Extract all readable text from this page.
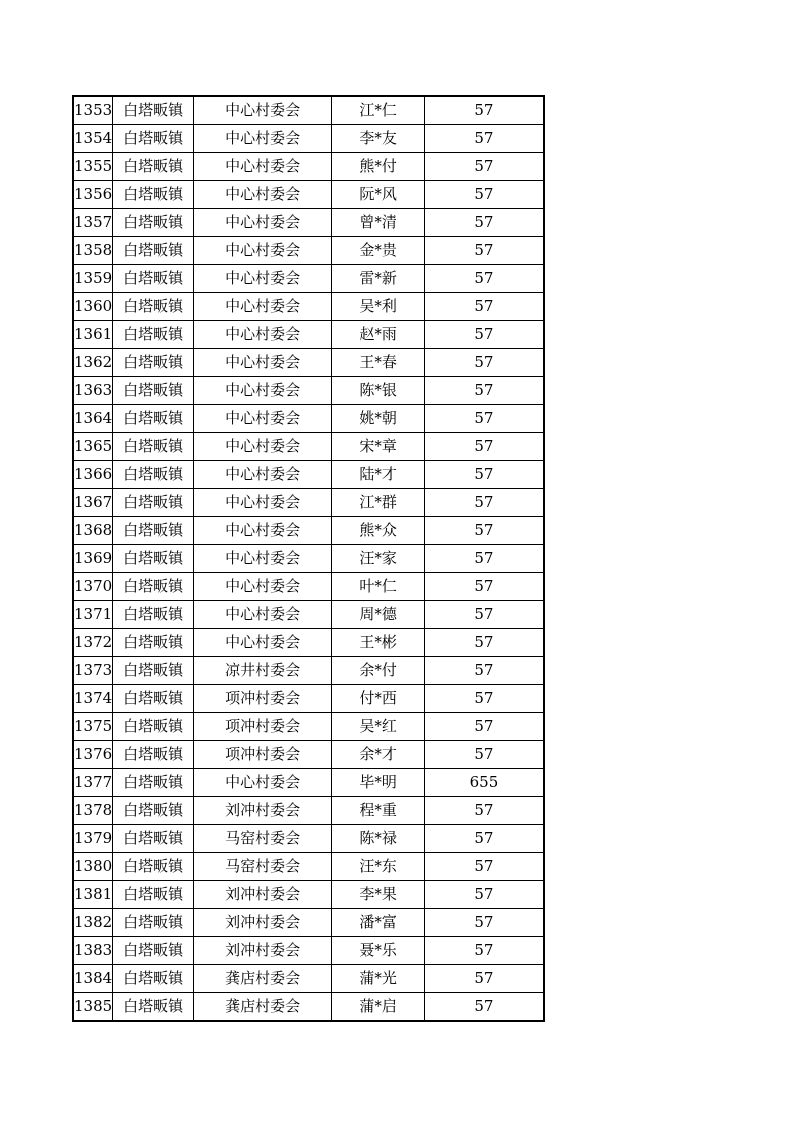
1353	白塔畈镇	中心村委会	江*仁	57
1354	白塔畈镇	中心村委会	李*友	57
1355	白塔畈镇	中心村委会	熊*付	57
1356	白塔畈镇	中心村委会	阮*风	57
1357	白塔畈镇	中心村委会	曾*清	57
1358	白塔畈镇	中心村委会	金*贵	57
1359	白塔畈镇	中心村委会	雷*新	57
1360	白塔畈镇	中心村委会	吴*利	57
1361	白塔畈镇	中心村委会	赵*雨	57
1362	白塔畈镇	中心村委会	王*春	57
1363	白塔畈镇	中心村委会	陈*银	57
1364	白塔畈镇	中心村委会	姚*朝	57
1365	白塔畈镇	中心村委会	宋*章	57
1366	白塔畈镇	中心村委会	陆*才	57
1367	白塔畈镇	中心村委会	江*群	57
1368	白塔畈镇	中心村委会	熊*众	57
1369	白塔畈镇	中心村委会	汪*家	57
1370	白塔畈镇	中心村委会	叶*仁	57
1371	白塔畈镇	中心村委会	周*德	57
1372	白塔畈镇	中心村委会	王*彬	57
1373	白塔畈镇	凉井村委会	余*付	57
1374	白塔畈镇	项冲村委会	付*西	57
1375	白塔畈镇	项冲村委会	吴*红	57
1376	白塔畈镇	项冲村委会	余*才	57
1377	白塔畈镇	中心村委会	毕*明	655
1378	白塔畈镇	刘冲村委会	程*重	57
1379	白塔畈镇	马窑村委会	陈*禄	57
1380	白塔畈镇	马窑村委会	汪*东	57
1381	白塔畈镇	刘冲村委会	李*果	57
1382	白塔畈镇	刘冲村委会	潘*富	57
1383	白塔畈镇	刘冲村委会	聂*乐	57
1384	白塔畈镇	龚店村委会	蒲*光	57
1385	白塔畈镇	龚店村委会	蒲*启	57
